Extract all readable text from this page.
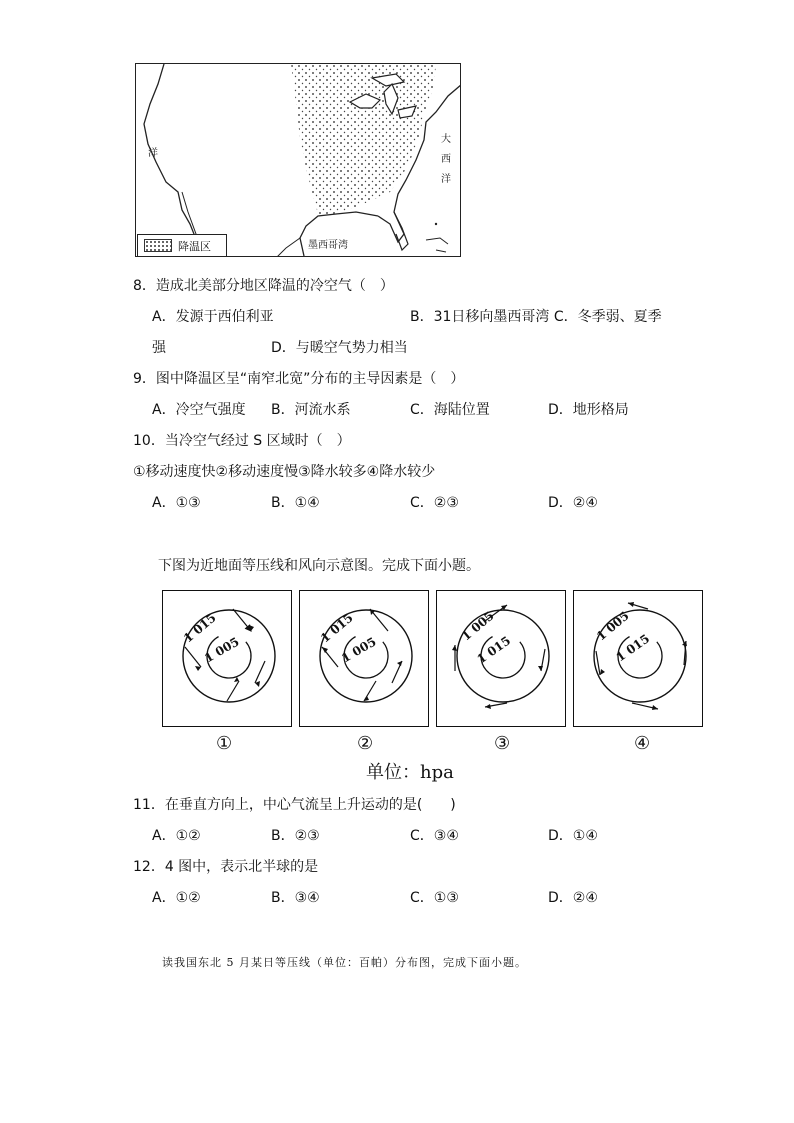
大
西
洋
洋
墨西哥湾
降温区
8．造成北美部分地区降温的冷空气（　）
A．发源于西伯利亚	B．31日移向墨西哥湾 C．冬季弱、夏季
强	D．与暖空气势力相当
9．图中降温区呈“南窄北宽”分布的主导因素是（　）
A．冷空气强度 B．河流水系	C．海陆位置	D．地形格局
10．当冷空气经过 S 区域时（　）
①移动速度快②移动速度慢③降水较多④降水较少
A．①③	B．①④	C．②③	D．②④
下图为近地面等压线和风向示意图。完成下面小题。
1 015
1 005
1 015
1 005
1 005
1 015
1 005
1 015
①	②	③	④
单位：hpa
11．在垂直方向上，中心气流呈上升运动的是(　　)
A．①②	B．②③	C．③④	D．①④
12．4 图中，表示北半球的是
A．①②	B．③④	C．①③	D．②④
读我国东北 5 月某日等压线（单位：百帕）分布图，完成下面小题。
